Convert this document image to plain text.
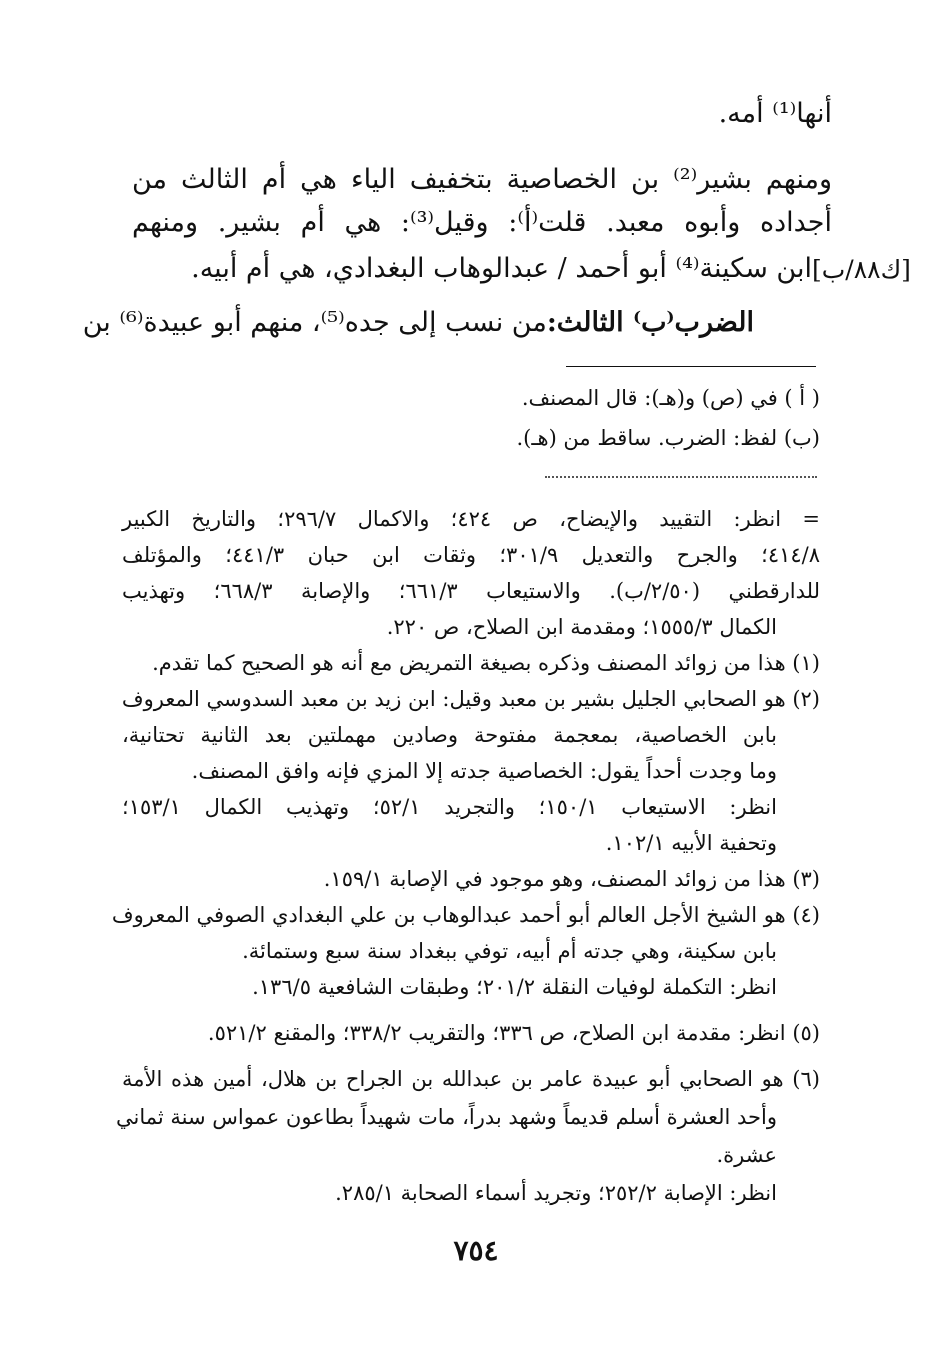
أنها⁽¹⁾ أمه.
ومنهم بشير⁽²⁾ بن الخصاصية بتخفيف الياء هي أم الثالث من
أجداده وأبوه معبد. قلت⁽أ⁾: وقيل⁽³⁾: هي أم بشير. ومنهم
ابن سكينة⁽⁴⁾ أبو أحمد / عبدالوهاب البغدادي، هي أم أبيه. [ك٨٨/ب]
الضرب⁽ب⁾ الثالث:
من نسب إلى جده⁽⁵⁾، منهم أبو عبيدة⁽⁶⁾ بن
( أ ) في (ص) و(هـ): قال المصنف.
(ب) لفظ: الضرب. ساقط من (هـ).
= انظر: التقييد والإيضاح، ص ٤٢٤؛ والاكمال ٢٩٦/٧؛ والتاريخ الكبير
٤١٤/٨؛ والجرح والتعديل ٣٠١/٩؛ وثقات ابن حبان ٤٤١/٣؛ والمؤتلف
للدارقطني (٢/٥٠/ب). والاستيعاب ٦٦١/٣؛ والإصابة ٦٦٨/٣؛ وتهذيب
الكمال ١٥٥٥/٣؛ ومقدمة ابن الصلاح، ص ٢٢٠.
(١) هذا من زوائد المصنف وذكره بصيغة التمريض مع أنه هو الصحيح كما تقدم.
(٢) هو الصحابي الجليل بشير بن معبد وقيل: ابن زيد بن معبد السدوسي المعروف
بابن الخصاصية، بمعجمة مفتوحة وصادين مهملتين بعد الثانية تحتانية،
وما وجدت أحداً يقول: الخصاصية جدته إلا المزي فإنه وافق المصنف.
انظر: الاستيعاب ١٥٠/١؛ والتجريد ٥٢/١؛ وتهذيب الكمال ١٥٣/١؛
وتحفية الأبيه ١٠٢/١.
(٣) هذا من زوائد المصنف، وهو موجود في الإصابة ١٥٩/١.
(٤) هو الشيخ الأجل العالم أبو أحمد عبدالوهاب بن علي البغدادي الصوفي المعروف
بابن سكينة، وهي جدته أم أبيه، توفي ببغداد سنة سبع وستمائة.
انظر: التكملة لوفيات النقلة ٢٠١/٢؛ وطبقات الشافعية ١٣٦/٥.
(٥) انظر: مقدمة ابن الصلاح، ص ٣٣٦؛ والتقريب ٣٣٨/٢؛ والمقنع ٥٢١/٢.
(٦) هو الصحابي أبو عبيدة عامر بن عبدالله بن الجراح بن هلال، أمين هذه الأمة
وأحد العشرة أسلم قديماً وشهد بدراً، مات شهيداً بطاعون عمواس سنة ثماني
عشرة.
انظر: الإصابة ٢٥٢/٢؛ وتجريد أسماء الصحابة ٢٨٥/١.
٧٥٤
